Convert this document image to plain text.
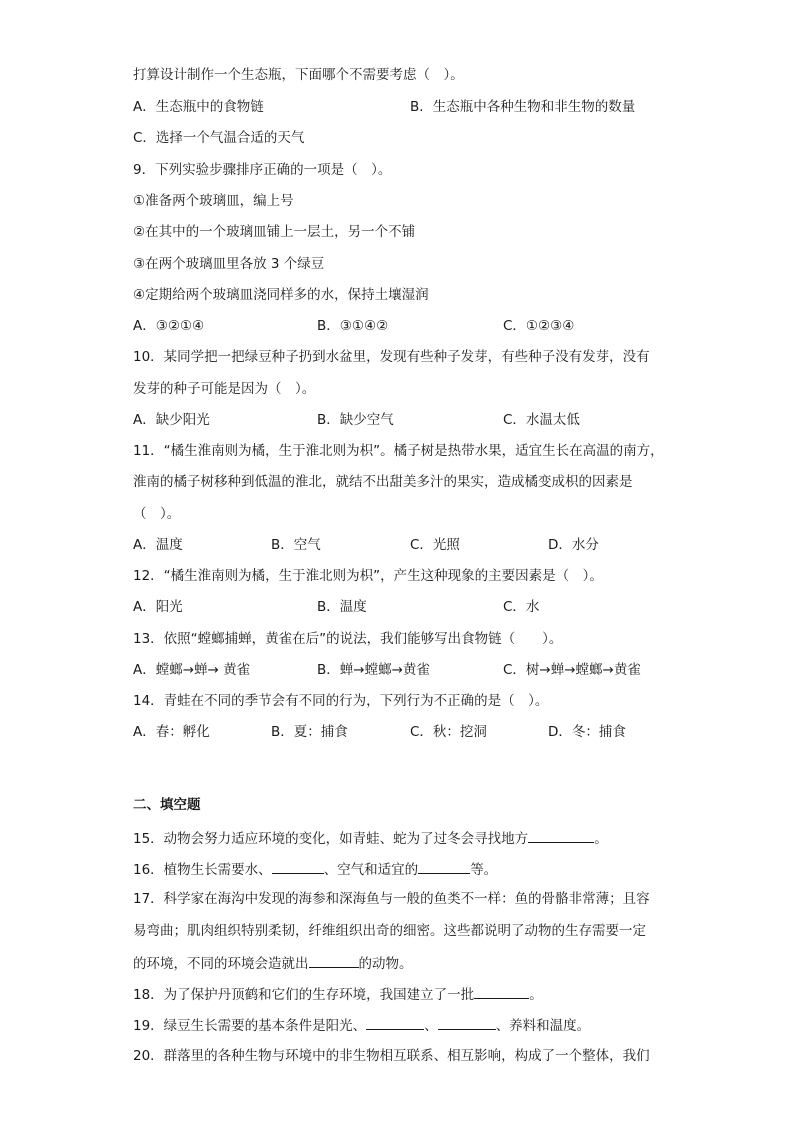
打算设计制作一个生态瓶，下面哪个不需要考虑（　）。
A．生态瓶中的食物链	B．生态瓶中各种生物和非生物的数量
C．选择一个气温合适的天气
9．下列实验步骤排序正确的一项是（　）。
①准备两个玻璃皿，编上号
②在其中的一个玻璃皿铺上一层土，另一个不铺
③在两个玻璃皿里各放 3 个绿豆
④定期给两个玻璃皿浇同样多的水，保持土壤湿润
A．③②①④	B．③①④②	C．①②③④
10．某同学把一把绿豆种子扔到水盆里，发现有些种子发芽，有些种子没有发芽，没有
发芽的种子可能是因为（　）。
A．缺少阳光	B．缺少空气	C．水温太低
11．“橘生淮南则为橘，生于淮北则为枳”。橘子树是热带水果，适宜生长在高温的南方，
淮南的橘子树移种到低温的淮北，就结不出甜美多汁的果实，造成橘变成枳的因素是
（　）。
A．温度	B．空气	C．光照	D．水分
12．“橘生淮南则为橘，生于淮北则为枳”，产生这种现象的主要因素是（　）。
A．阳光	B．温度	C．水
13．依照“螳螂捕蝉，黄雀在后”的说法，我们能够写出食物链（　　）。
A．螳螂→蝉→ 黄雀	B．蝉→螳螂→黄雀	C．树→蝉→螳螂→黄雀
14．青蛙在不同的季节会有不同的行为，下列行为不正确的是（　）。
A．春：孵化	B．夏：捕食	C．秋：挖洞	D．冬：捕食
二、填空题
15．动物会努力适应环境的变化，如青蛙、蛇为了过冬会寻找地方	。
16．植物生长需要水、	、空气和适宜的	等。
17．科学家在海沟中发现的海参和深海鱼与一般的鱼类不一样：鱼的骨骼非常薄；且容
易弯曲；肌肉组织特别柔韧，纤维组织出奇的细密。这些都说明了动物的生存需要一定
的环境，不同的环境会造就出	的动物。
18．为了保护丹顶鹤和它们的生存环境，我国建立了一批	。
19．绿豆生长需要的基本条件是阳光、	、	、养料和温度。
20．群落里的各种生物与环境中的非生物相互联系、相互影响，构成了一个整体，我们
